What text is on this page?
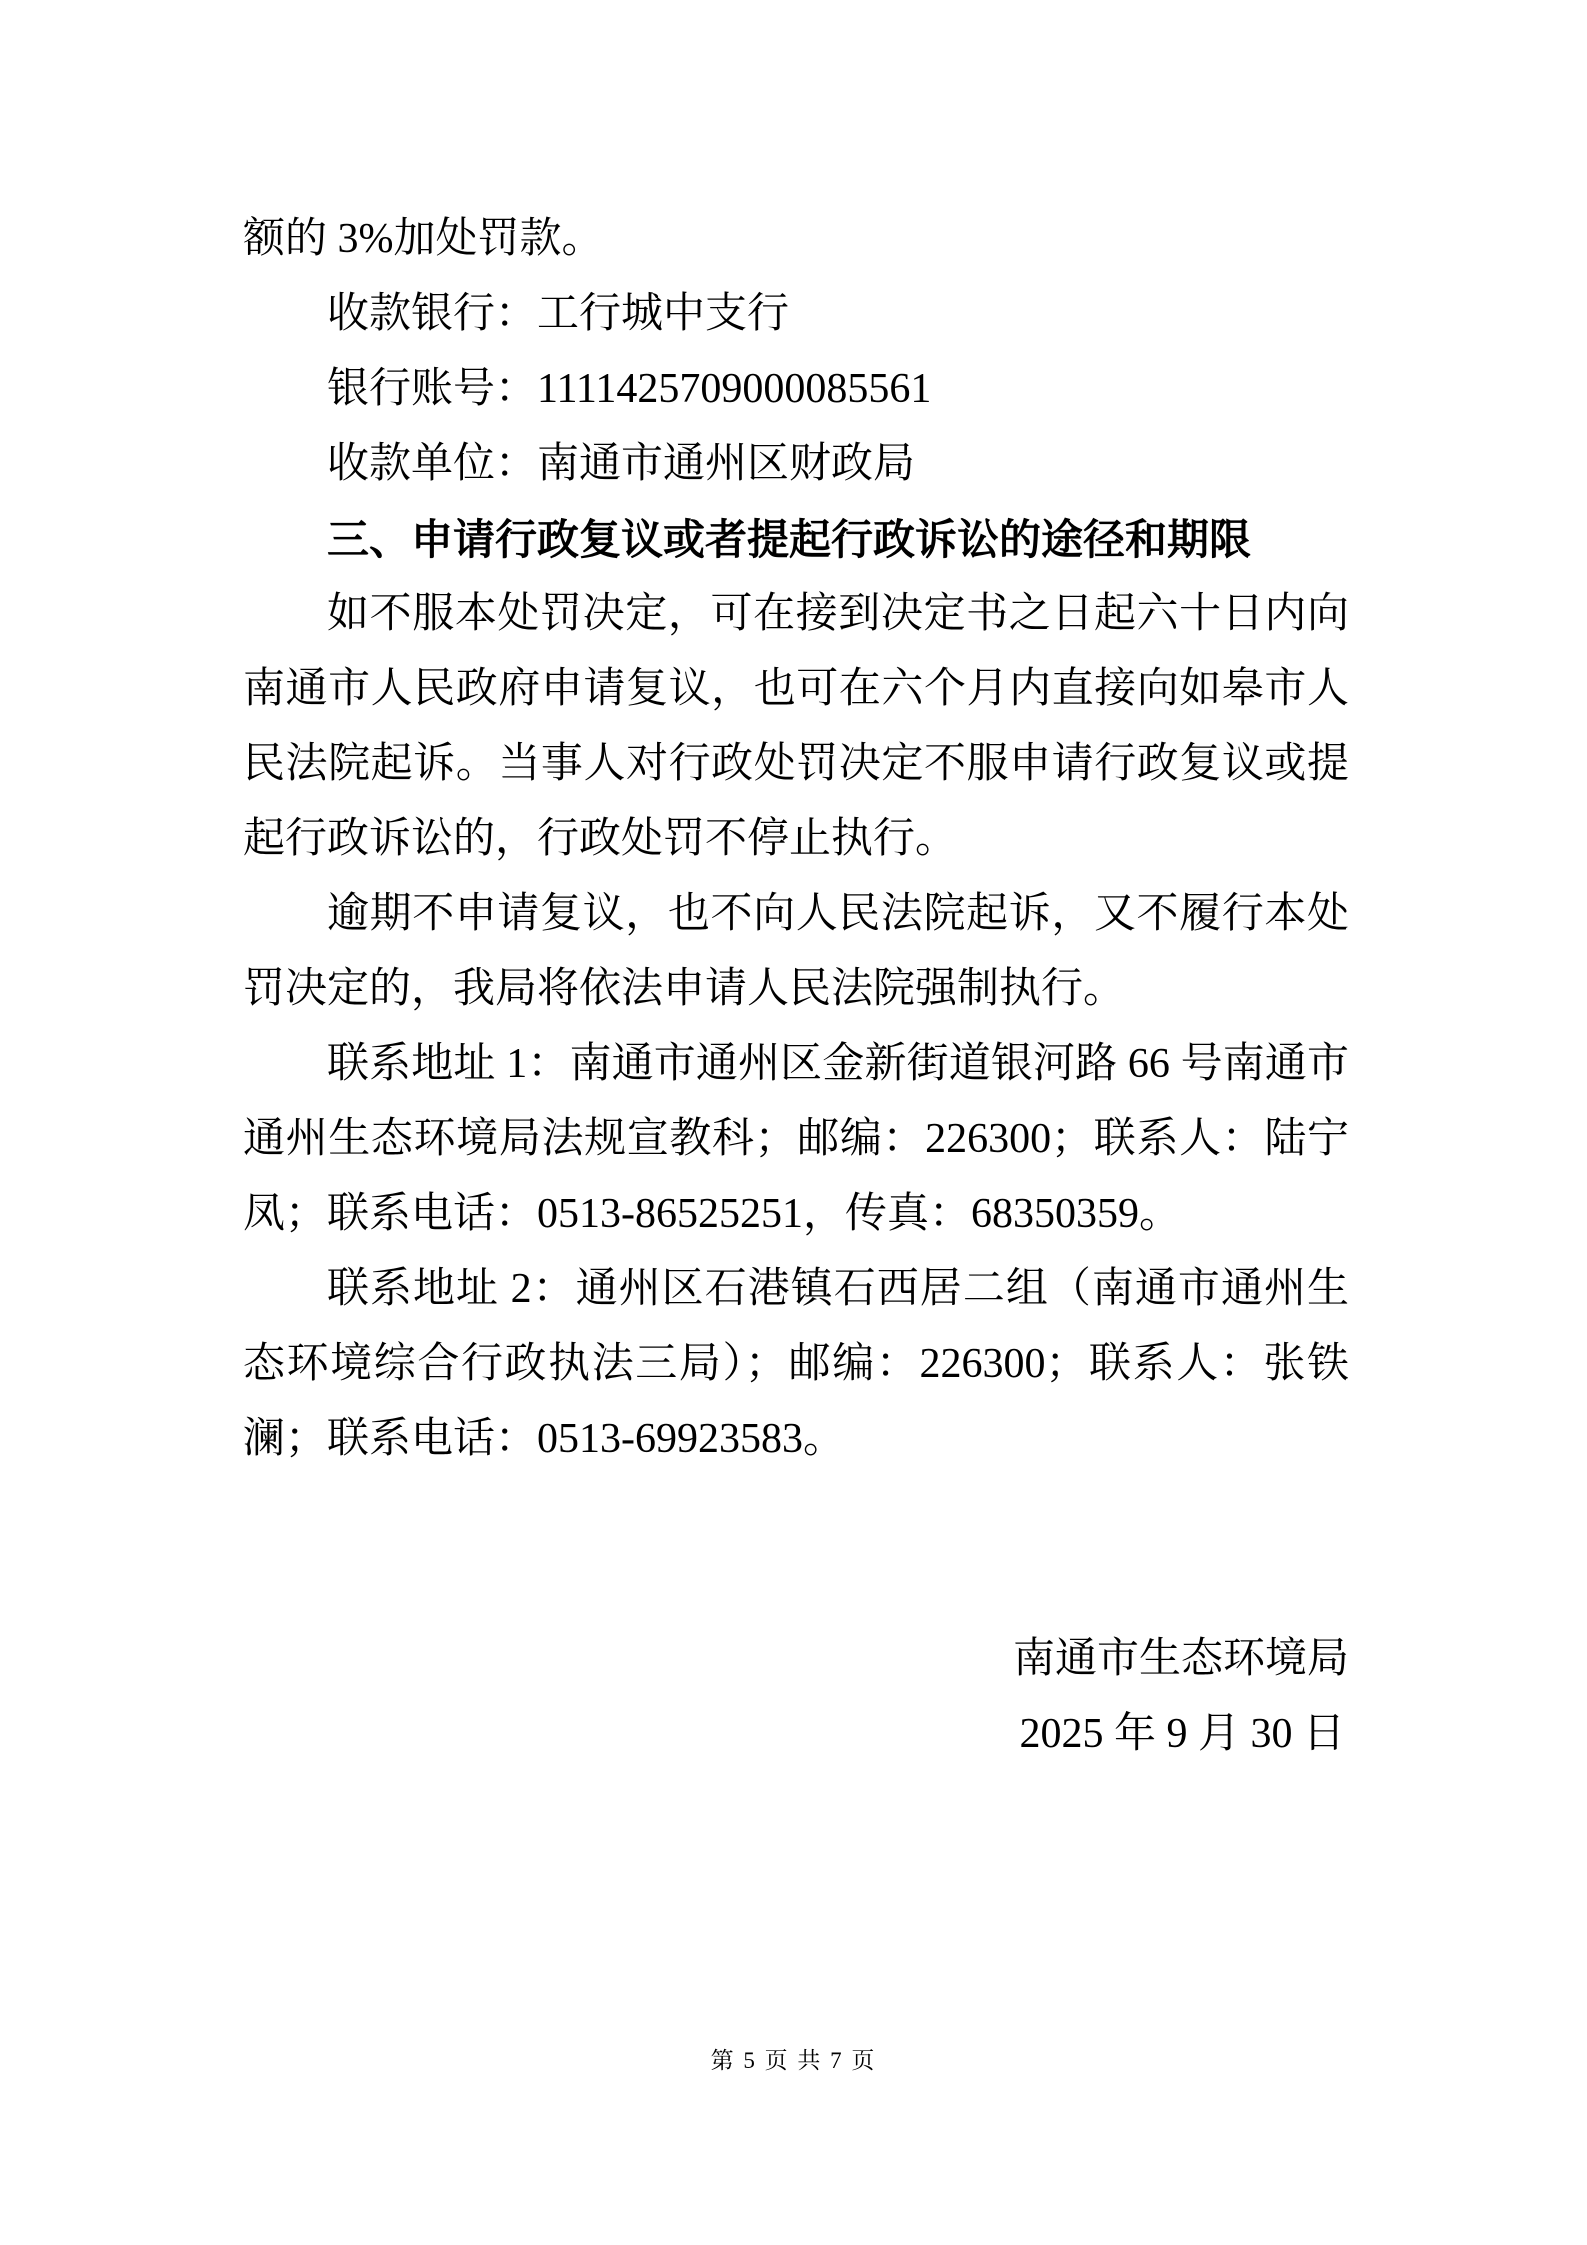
额的 3%加处罚款。
收款银行：工行城中支行
银行账号：1111425709000085561
收款单位：南通市通州区财政局
三、申请行政复议或者提起行政诉讼的途径和期限
如不服本处罚决定，可在接到决定书之日起六十日内向
南通市人民政府申请复议，也可在六个月内直接向如皋市人
民法院起诉。当事人对行政处罚决定不服申请行政复议或提
起行政诉讼的，行政处罚不停止执行。
逾期不申请复议，也不向人民法院起诉，又不履行本处
罚决定的，我局将依法申请人民法院强制执行。
联系地址 1：南通市通州区金新街道银河路 66 号南通市
通州生态环境局法规宣教科；邮编：226300；联系人：陆宁
凤；联系电话：0513-86525251，传真：68350359。
联系地址 2：通州区石港镇石西居二组（南通市通州生
态环境综合行政执法三局）；邮编：226300；联系人：张铁
澜；联系电话：0513-69923583。
南通市生态环境局
2025 年 9 月 30 日
第 5 页 共 7 页
